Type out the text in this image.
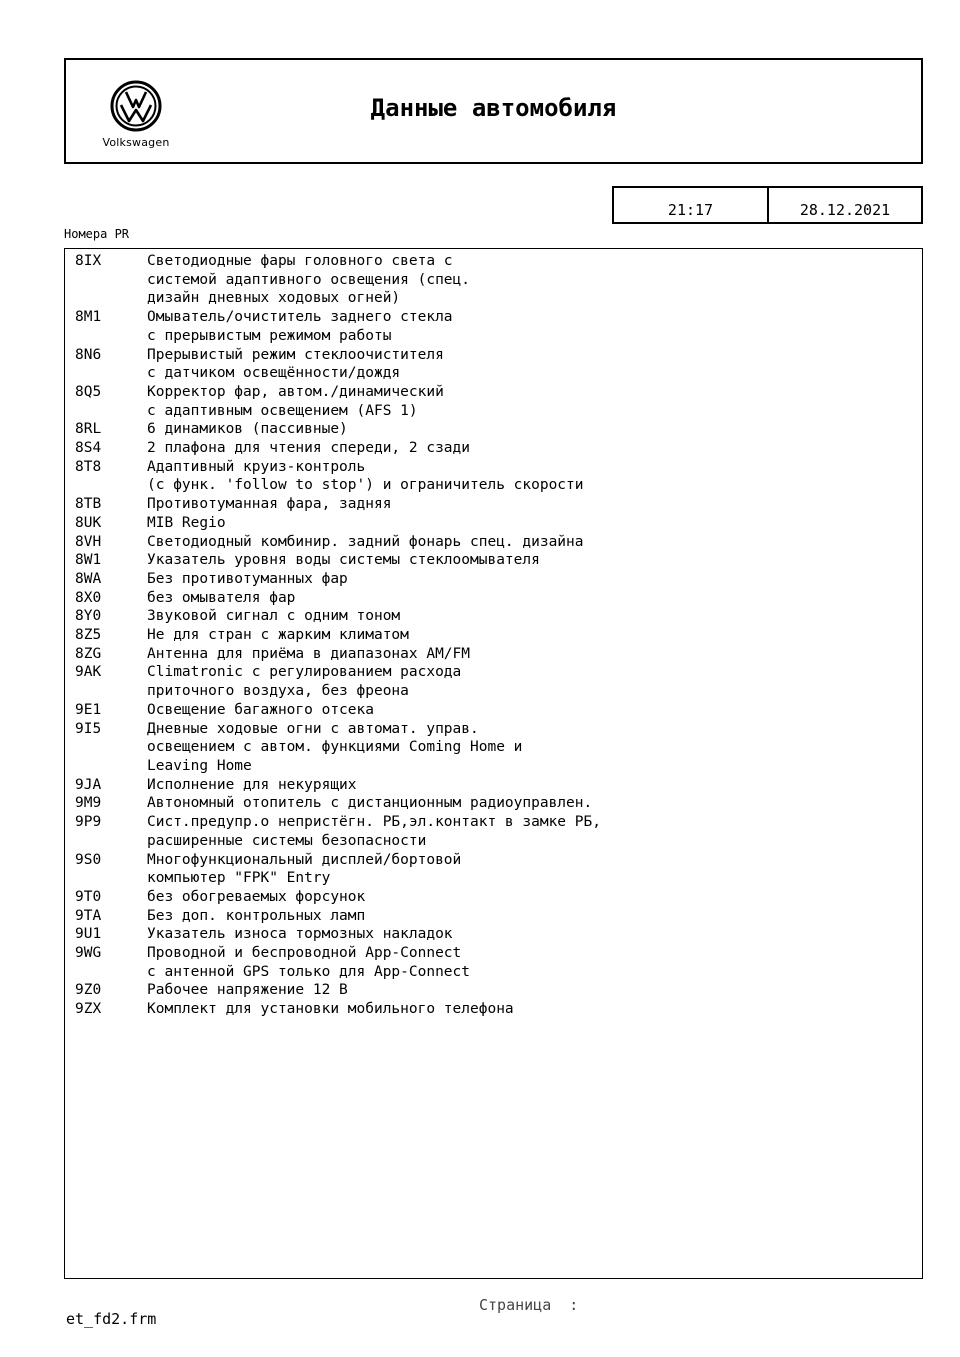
Volkswagen
Данные автомобиля
21:17	28.12.2021
Номера PR
8IX	Светодиодные фары головного света с
системой адаптивного освещения (спец.
дизайн дневных ходовых огней)
8M1	Омыватель/очиститель заднего стекла
с прерывистым режимом работы
8N6	Прерывистый режим стеклоочистителя
с датчиком освещённости/дождя
8Q5	Корректор фар, автом./динамический
с адаптивным освещением (AFS 1)
8RL	6 динамиков (пассивные)
8S4	2 плафона для чтения спереди, 2 сзади
8T8	Адаптивный круиз-контроль
(с функ. 'follow to stop') и ограничитель скорости
8TB	Противотуманная фара, задняя
8UK	MIB Regio
8VH	Светодиодный комбинир. задний фонарь спец. дизайна
8W1	Указатель уровня воды системы стеклоомывателя
8WA	Без противотуманных фар
8X0	без омывателя фар
8Y0	Звуковой сигнал с одним тоном
8Z5	Не для стран с жарким климатом
8ZG	Антенна для приёма в диапазонах AM/FM
9AK	Climatronic с регулированием расхода
приточного воздуха, без фреона
9E1	Освещение багажного отсека
9I5	Дневные ходовые огни с автомат. управ.
освещением с автом. функциями Coming Home и
Leaving Home
9JA	Исполнение для некурящих
9M9	Автономный отопитель с дистанционным радиоуправлен.
9P9	Сист.предупр.о непристёгн. РБ,эл.контакт в замке РБ,
расширенные системы безопасности
9S0	Многофункциональный дисплей/бортовой
компьютер "FPK" Entry
9T0	без обогреваемых форсунок
9TA	Без доп. контрольных ламп
9U1	Указатель износа тормозных накладок
9WG	Проводной и беспроводной App-Connect
с антенной GPS только для App-Connect
9Z0	Рабочее напряжение 12 В
9ZX	Комплект для установки мобильного телефона
Страница  :
et_fd2.frm
